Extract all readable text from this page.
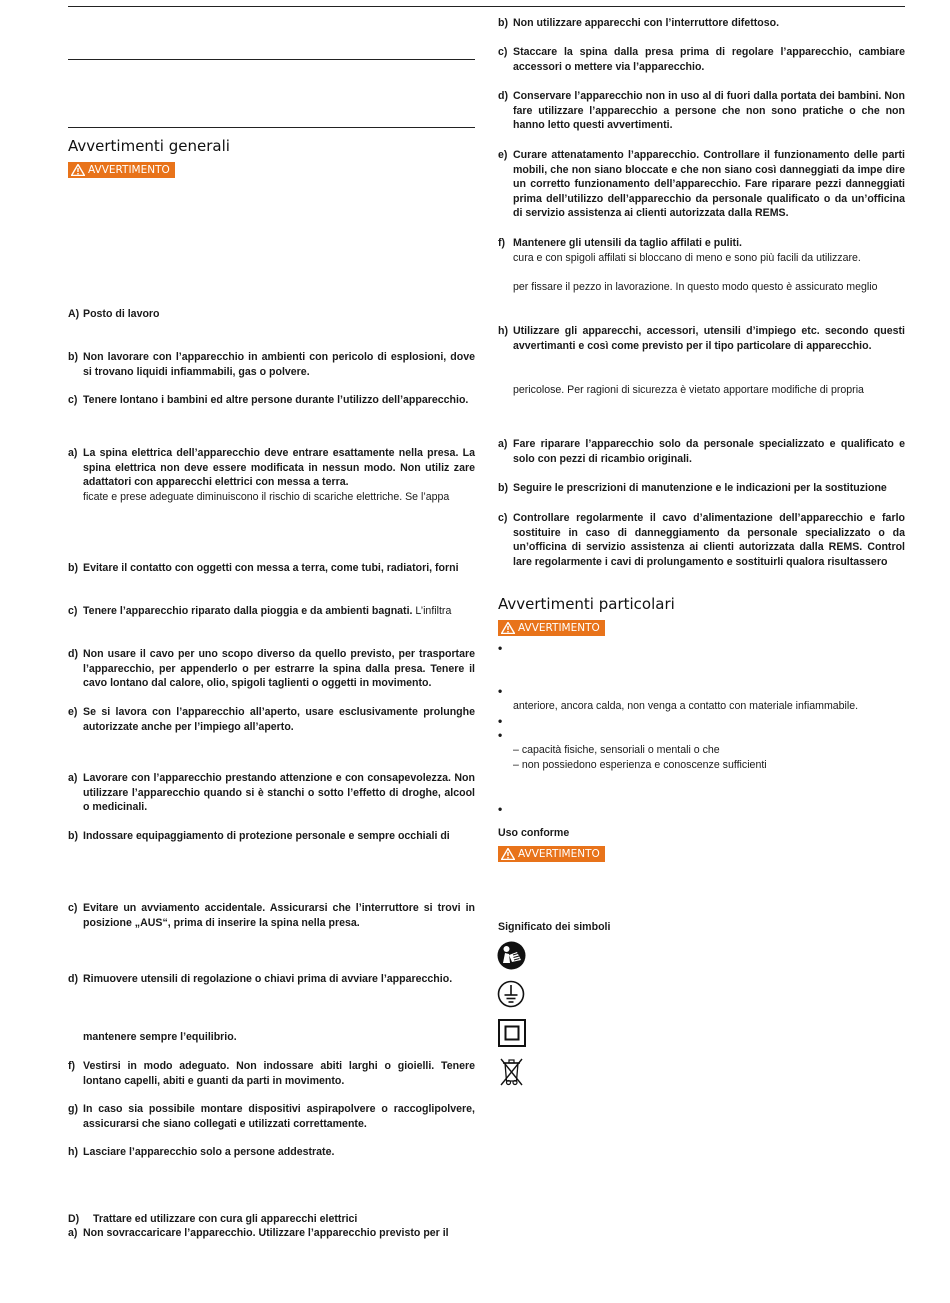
Avvertimenti generali
AVVERTIMENTO
A) Posto di lavoro
b) Non lavorare con l’apparecchio in ambienti con pericolo di esplosioni, dove si trovano liquidi infiammabili, gas o polvere.
c) Tenere lontano i bambini ed altre persone durante l’utilizzo dell’apparecchio.
a) La spina elettrica dell’apparecchio deve entrare esattamente nella presa. La spina elettrica non deve essere modificata in nessun modo. Non utiliz zare adattatori con apparecchi elettrici con messa a terra.
ficate e prese adeguate diminuiscono il rischio di scariche elettriche. Se l’appa
b) Evitare il contatto con oggetti con messa a terra, come tubi, radiatori, forni
c) Tenere l’apparecchio riparato dalla pioggia e da ambienti bagnati. L’infiltra
d) Non usare il cavo per uno scopo diverso da quello previsto, per trasportare l’apparecchio, per appenderlo o per estrarre la spina dalla presa. Tenere il cavo lontano dal calore, olio, spigoli taglienti o oggetti in movimento.
e) Se si lavora con l’apparecchio all’aperto, usare esclusivamente prolunghe autorizzate anche per l’impiego all’aperto.
a) Lavorare con l’apparecchio prestando attenzione e con consapevolezza. Non utilizzare l’apparecchio quando si è stanchi o sotto l’effetto di droghe, alcool o medicinali.
b) Indossare equipaggiamento di protezione personale e sempre occhiali di
c) Evitare un avviamento accidentale. Assicurarsi che l’interruttore si trovi in posizione „AUS“, prima di inserire la spina nella presa.
d) Rimuovere utensili di regolazione o chiavi prima di avviare l’apparecchio.
mantenere sempre l’equilibrio.
f) Vestirsi in modo adeguato. Non indossare abiti larghi o gioielli. Tenere lontano capelli, abiti e guanti da parti in movimento.
g) In caso sia possibile montare dispositivi aspirapolvere o raccoglipolvere, assicurarsi che siano collegati e utilizzati correttamente.
h) Lasciare l’apparecchio solo a persone addestrate.
D) Trattare ed utilizzare con cura gli apparecchi elettrici
a) Non sovraccaricare l’apparecchio. Utilizzare l’apparecchio previsto per il
b) Non utilizzare apparecchi con l’interruttore difettoso.
c) Staccare la spina dalla presa prima di regolare l’apparecchio, cambiare accessori o mettere via l’apparecchio.
d) Conservare l’apparecchio non in uso al di fuori dalla portata dei bambini. Non fare utilizzare l’apparecchio a persone che non sono pratiche o che non hanno letto questi avvertimenti.
e) Curare attenatamento l’apparecchio. Controllare il funzionamento delle parti mobili, che non siano bloccate e che non siano così danneggiati da impe dire un corretto funzionamento dell’apparecchio. Fare riparare pezzi danneggiati prima dell’utilizzo dell’apparecchio da personale qualificato o da un’officina di servizio assistenza ai clienti autorizzata dalla REMS.
f) Mantenere gli utensili da taglio affilati e puliti.
cura e con spigoli affilati si bloccano di meno e sono più facili da utilizzare.
per fissare il pezzo in lavorazione. In questo modo questo è assicurato meglio
h) Utilizzare gli apparecchi, accessori, utensili d’impiego etc. secondo questi avvertimanti e così come previsto per il tipo particolare di apparecchio.
pericolose. Per ragioni di sicurezza è vietato apportare modifiche di propria
a) Fare riparare l’apparecchio solo da personale specializzato e qualificato e solo con pezzi di ricambio originali.
b) Seguire le prescrizioni di manutenzione e le indicazioni per la sostituzione
c) Controllare regolarmente il cavo d’alimentazione dell’apparecchio e farlo sostituire in caso di danneggiamento da personale specializzato o da un’officina di servizio assistenza ai clienti autorizzata dalla REMS. Control lare regolarmente i cavi di prolungamento e sostituirli qualora risultassero
Avvertimenti particolari
AVVERTIMENTO
•
•
anteriore, ancora calda, non venga a contatto con materiale infiammabile.
•
•
– capacità fisiche, sensoriali o mentali o che
– non possiedono esperienza e conoscenze sufficienti
•
Uso conforme
AVVERTIMENTO
Significato dei simboli
